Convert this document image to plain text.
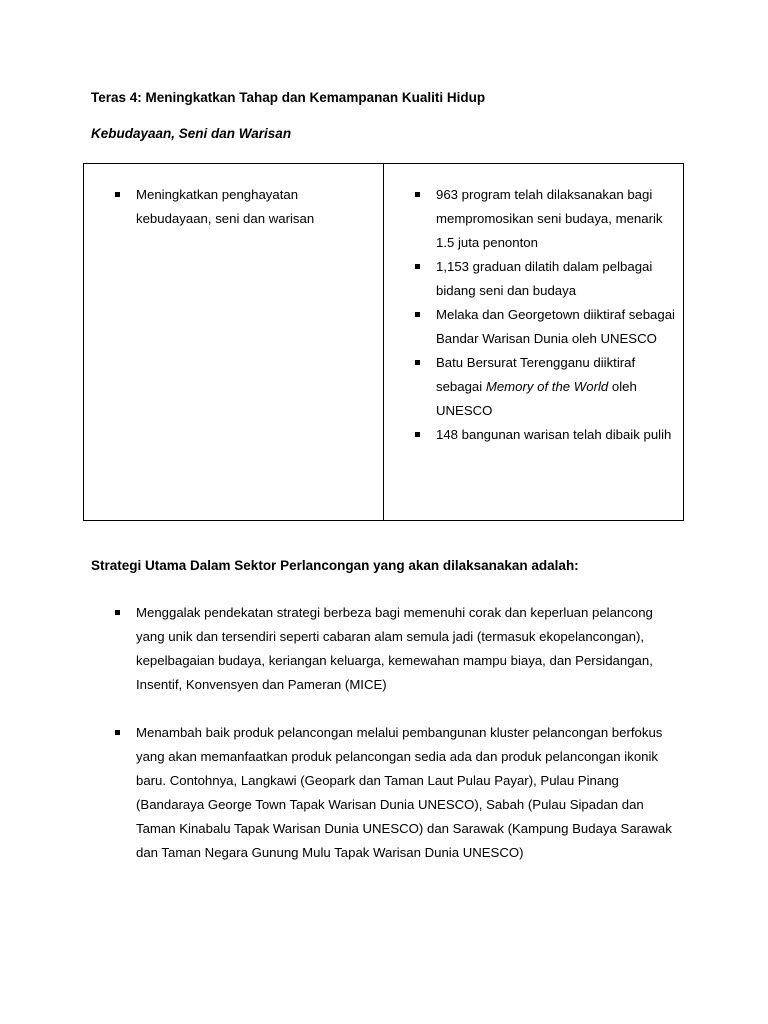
Teras 4: Meningkatkan Tahap dan Kemampanan Kualiti Hidup
Kebudayaan, Seni dan Warisan
Meningkatkan penghayatan kebudayaan, seni dan warisan
963 program telah dilaksanakan bagi mempromosikan seni budaya, menarik 1.5 juta penonton
1,153 graduan dilatih dalam pelbagai bidang seni dan budaya
Melaka dan Georgetown diiktiraf sebagai Bandar Warisan Dunia oleh UNESCO
Batu Bersurat Terengganu diiktiraf sebagai Memory of the World oleh UNESCO
148 bangunan warisan telah dibaik pulih
Strategi Utama Dalam Sektor Perlancongan yang akan dilaksanakan adalah:
Menggalak pendekatan strategi berbeza bagi memenuhi corak dan keperluan pelancong yang unik dan tersendiri seperti cabaran alam semula jadi (termasuk ekopelancongan), kepelbagaian budaya, keriangan keluarga, kemewahan mampu biaya, dan Persidangan, Insentif, Konvensyen dan Pameran (MICE)
Menambah baik produk pelancongan melalui pembangunan kluster pelancongan berfokus yang akan memanfaatkan produk pelancongan sedia ada dan produk pelancongan ikonik baru. Contohnya, Langkawi (Geopark dan Taman Laut Pulau Payar), Pulau Pinang (Bandaraya George Town Tapak Warisan Dunia UNESCO), Sabah (Pulau Sipadan dan Taman Kinabalu Tapak Warisan Dunia UNESCO) dan Sarawak (Kampung Budaya Sarawak dan Taman Negara Gunung Mulu Tapak Warisan Dunia UNESCO)
